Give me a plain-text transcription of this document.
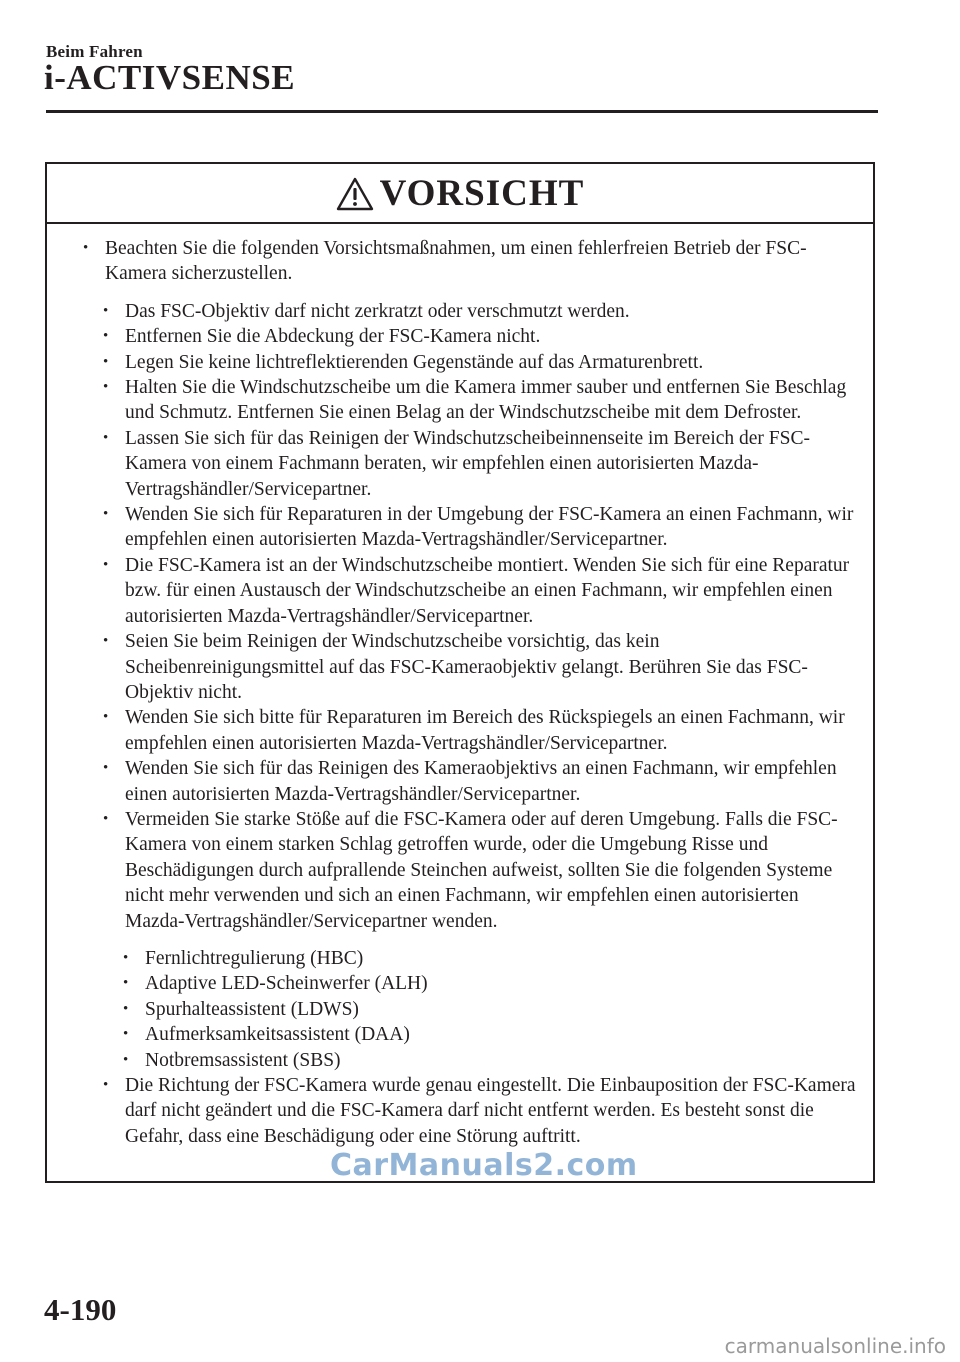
Beim Fahren
i-ACTIVSENSE
VORSICHT
• Beachten Sie die folgenden Vorsichtsmaßnahmen, um einen fehlerfreien Betrieb der FSC-Kamera sicherzustellen.
• Das FSC-Objektiv darf nicht zerkratzt oder verschmutzt werden.
• Entfernen Sie die Abdeckung der FSC-Kamera nicht.
• Legen Sie keine lichtreflektierenden Gegenstände auf das Armaturenbrett.
• Halten Sie die Windschutzscheibe um die Kamera immer sauber und entfernen Sie Beschlag und Schmutz. Entfernen Sie einen Belag an der Windschutzscheibe mit dem Defroster.
• Lassen Sie sich für das Reinigen der Windschutzscheibeinnenseite im Bereich der FSC-Kamera von einem Fachmann beraten, wir empfehlen einen autorisierten Mazda-Vertragshändler/Servicepartner.
• Wenden Sie sich für Reparaturen in der Umgebung der FSC-Kamera an einen Fachmann, wir empfehlen einen autorisierten Mazda-Vertragshändler/Servicepartner.
• Die FSC-Kamera ist an der Windschutzscheibe montiert. Wenden Sie sich für eine Reparatur bzw. für einen Austausch der Windschutzscheibe an einen Fachmann, wir empfehlen einen autorisierten Mazda-Vertragshändler/Servicepartner.
• Seien Sie beim Reinigen der Windschutzscheibe vorsichtig, das kein Scheibenreinigungsmittel auf das FSC-Kameraobjektiv gelangt. Berühren Sie das FSC-Objektiv nicht.
• Wenden Sie sich bitte für Reparaturen im Bereich des Rückspiegels an einen Fachmann, wir empfehlen einen autorisierten Mazda-Vertragshändler/Servicepartner.
• Wenden Sie sich für das Reinigen des Kameraobjektivs an einen Fachmann, wir empfehlen einen autorisierten Mazda-Vertragshändler/Servicepartner.
• Vermeiden Sie starke Stöße auf die FSC-Kamera oder auf deren Umgebung. Falls die FSC-Kamera von einem starken Schlag getroffen wurde, oder die Umgebung Risse und Beschädigungen durch aufprallende Steinchen aufweist, sollten Sie die folgenden Systeme nicht mehr verwenden und sich an einen Fachmann, wir empfehlen einen autorisierten Mazda-Vertragshändler/Servicepartner wenden.
• Fernlichtregulierung (HBC)
• Adaptive LED-Scheinwerfer (ALH)
• Spurhalteassistent (LDWS)
• Aufmerksamkeitsassistent (DAA)
• Notbremsassistent (SBS)
• Die Richtung der FSC-Kamera wurde genau eingestellt. Die Einbauposition der FSC-Kamera darf nicht geändert und die FSC-Kamera darf nicht entfernt werden. Es besteht sonst die Gefahr, dass eine Beschädigung oder eine Störung auftritt.
CarManuals2.com
4-190
carmanualsonline.info
